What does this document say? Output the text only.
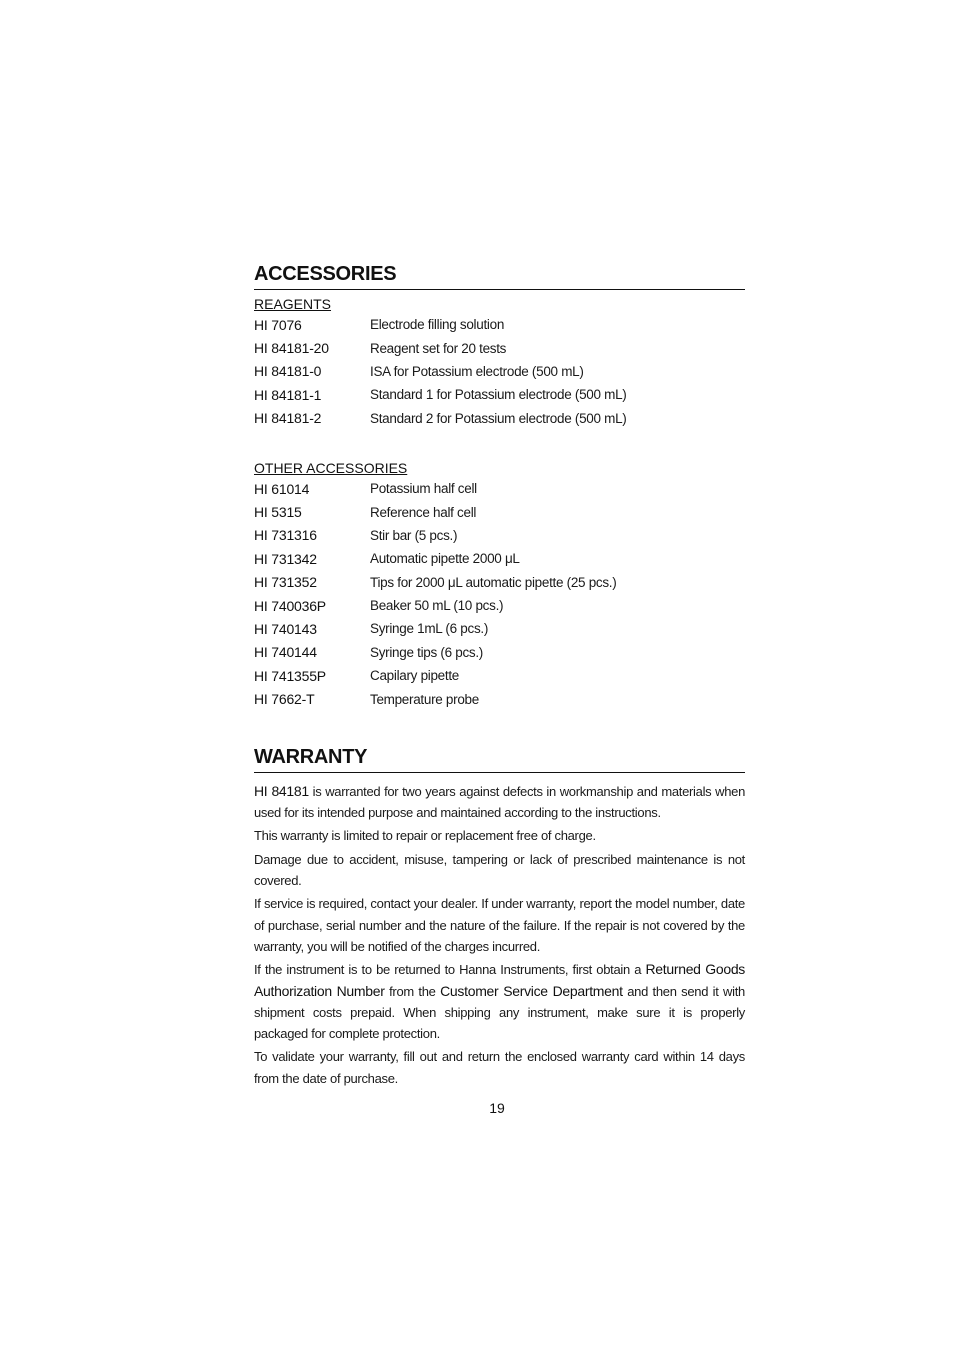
ACCESSORIES
REAGENTS
HI 7076	Electrode filling solution
HI 84181-20	Reagent set for 20 tests
HI 84181-0	ISA for Potassium electrode (500 mL)
HI 84181-1	Standard 1 for Potassium electrode (500 mL)
HI 84181-2	Standard 2 for Potassium electrode (500 mL)
OTHER ACCESSORIES
HI 61014	Potassium half cell
HI 5315	Reference half cell
HI 731316	Stir bar (5 pcs.)
HI 731342	Automatic pipette 2000 μL
HI 731352	Tips for 2000 μL automatic pipette (25 pcs.)
HI 740036P	Beaker 50 mL (10 pcs.)
HI 740143	Syringe 1mL (6 pcs.)
HI 740144	Syringe tips (6 pcs.)
HI 741355P	Capilary pipette
HI 7662-T	Temperature probe
WARRANTY

HI 84181 is warranted for two years against defects in workmanship and materials when used for its intended purpose and maintained according to the instructions.

This warranty is limited to repair or replacement free of charge.

Damage due to accident, misuse, tampering or lack of prescribed maintenance is not covered.

If service is required, contact your dealer. If under warranty, report the model number, date of purchase, serial number and the nature of the failure. If the repair is not covered by the warranty, you will be notified of the charges incurred.

If the instrument is to be returned to Hanna Instruments, first obtain a Returned Goods Authorization Number from the Customer Service Department and then send it with shipment costs prepaid. When shipping any instrument, make sure it is properly packaged for complete protection.

To validate your warranty, fill out and return the enclosed warranty card within 14 days from the date of purchase.

19
